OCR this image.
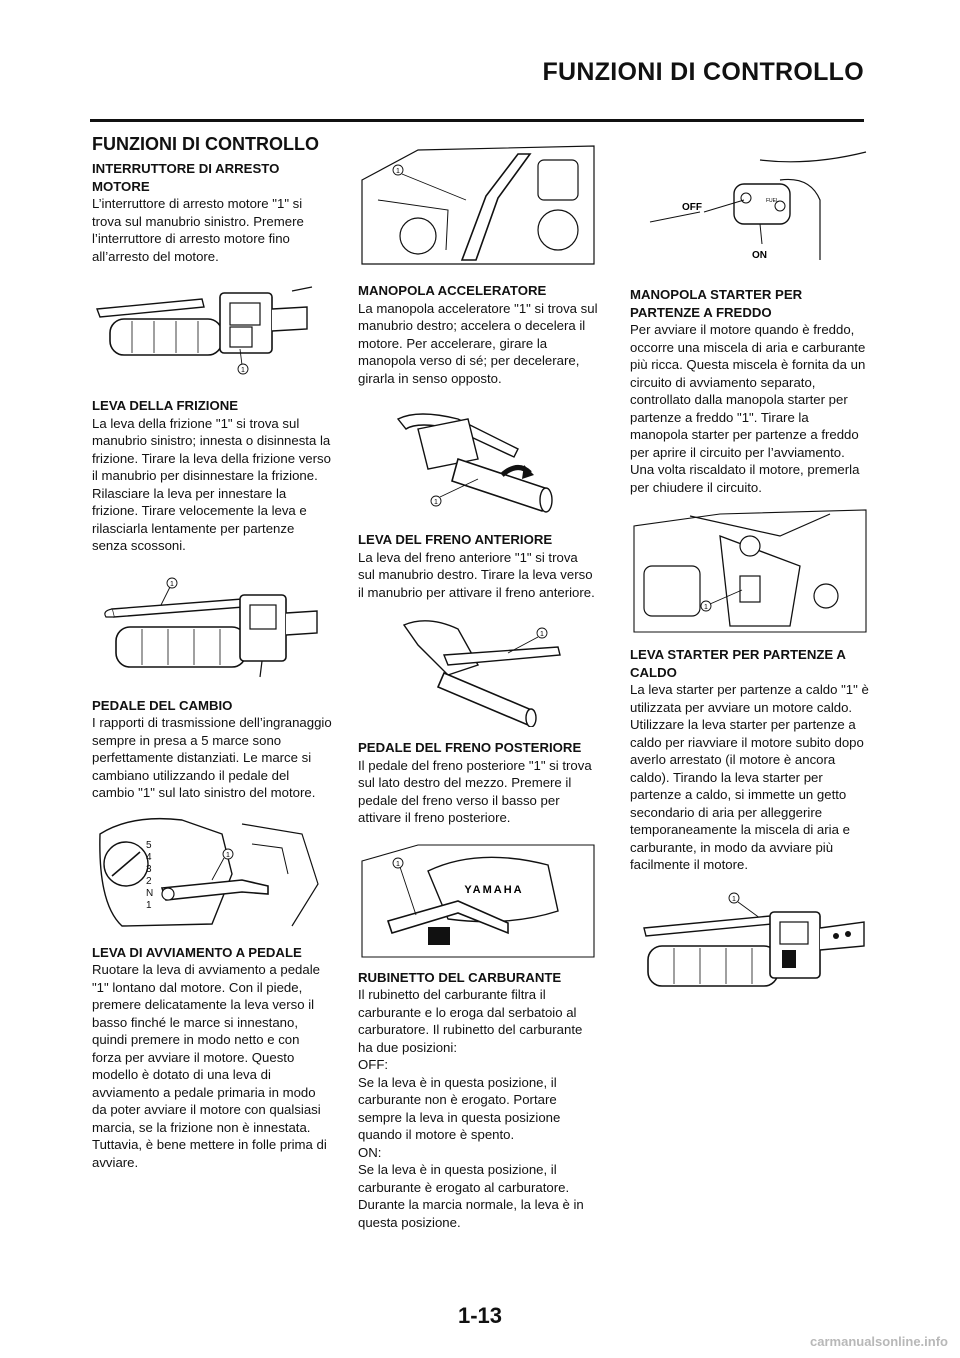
FUNZIONI DI CONTROLLO
FUNZIONI DI CONTROLLO
INTERRUTTORE DI ARRESTO MOTORE
L’interruttore di arresto motore "1" si trova sul manubrio sinistro. Premere l’interruttore di arresto motore fino all’arresto del motore.
1
LEVA DELLA FRIZIONE
La leva della frizione "1" si trova sul manubrio sinistro; innesta o disinnesta la frizione. Tirare la leva della frizione verso il manubrio per disinnestare la frizione. Rilasciare la leva per innestare la frizione. Tirare velocemente la leva e rilasciarla lentamente per partenze senza scossoni.
1
PEDALE DEL CAMBIO
I rapporti di trasmissione dell’ingranaggio sempre in presa a 5 marce sono perfettamente distanziati. Le marce si cambiano utilizzando il pedale del cambio "1" sul lato sinistro del motore.
5
4
3
2
N
1
1
LEVA DI AVVIAMENTO A PEDALE
Ruotare la leva di avviamento a pedale "1" lontano dal motore. Con il piede, premere delicatamente la leva verso il basso finché le marce si innestano, quindi premere in modo netto e con forza per avviare il motore. Questo modello è dotato di una leva di avviamento a pedale primaria in modo da poter avviare il motore con qualsiasi marcia, se la frizione non è innestata. Tuttavia, è bene mettere in folle prima di avviare.
1
MANOPOLA ACCELERATORE
La manopola acceleratore "1" si trova sul manubrio destro; accelera o decelera il motore. Per accelerare, girare la manopola verso di sé; per decelerare, girarla in senso opposto.
1
LEVA DEL FRENO ANTERIORE
La leva del freno anteriore "1" si trova sul manubrio destro. Tirare la leva verso il manubrio per attivare il freno anteriore.
1
PEDALE DEL FRENO POSTERIORE
Il pedale del freno posteriore "1" si trova sul lato destro del mezzo. Premere il pedale del freno verso il basso per attivare il freno posteriore.
YAMAHA
1
RUBINETTO DEL CARBURANTE
Il rubinetto del carburante filtra il carburante e lo eroga dal serbatoio al carburatore. Il rubinetto del carburante ha due posizioni:
OFF:
Se la leva è in questa posizione, il carburante non è erogato. Portare sempre la leva in questa posizione quando il motore è spento.
ON:
Se la leva è in questa posizione, il carburante è erogato al carburatore. Durante la marcia normale, la leva è in questa posizione.
FUEL
OFF
ON
MANOPOLA STARTER PER PARTENZE A FREDDO
Per avviare il motore quando è freddo, occorre una miscela di aria e carburante più ricca. Questa miscela è fornita da un circuito di avviamento separato, controllato dalla manopola starter per partenze a freddo "1". Tirare la manopola starter per partenze a freddo per aprire il circuito per l’avviamento. Una volta riscaldato il motore, premerla per chiudere il circuito.
1
LEVA STARTER PER PARTENZE A CALDO
La leva starter per partenze a caldo "1" è utilizzata per avviare un motore caldo. Utilizzare la leva starter per partenze a caldo per riavviare il motore subito dopo averlo arrestato (il motore è ancora caldo). Tirando la leva starter per partenze a caldo, si immette un getto secondario di aria per alleggerire temporaneamente la miscela di aria e carburante, in modo da avviare più facilmente il motore.
1
1-13
carmanualsonline.info
